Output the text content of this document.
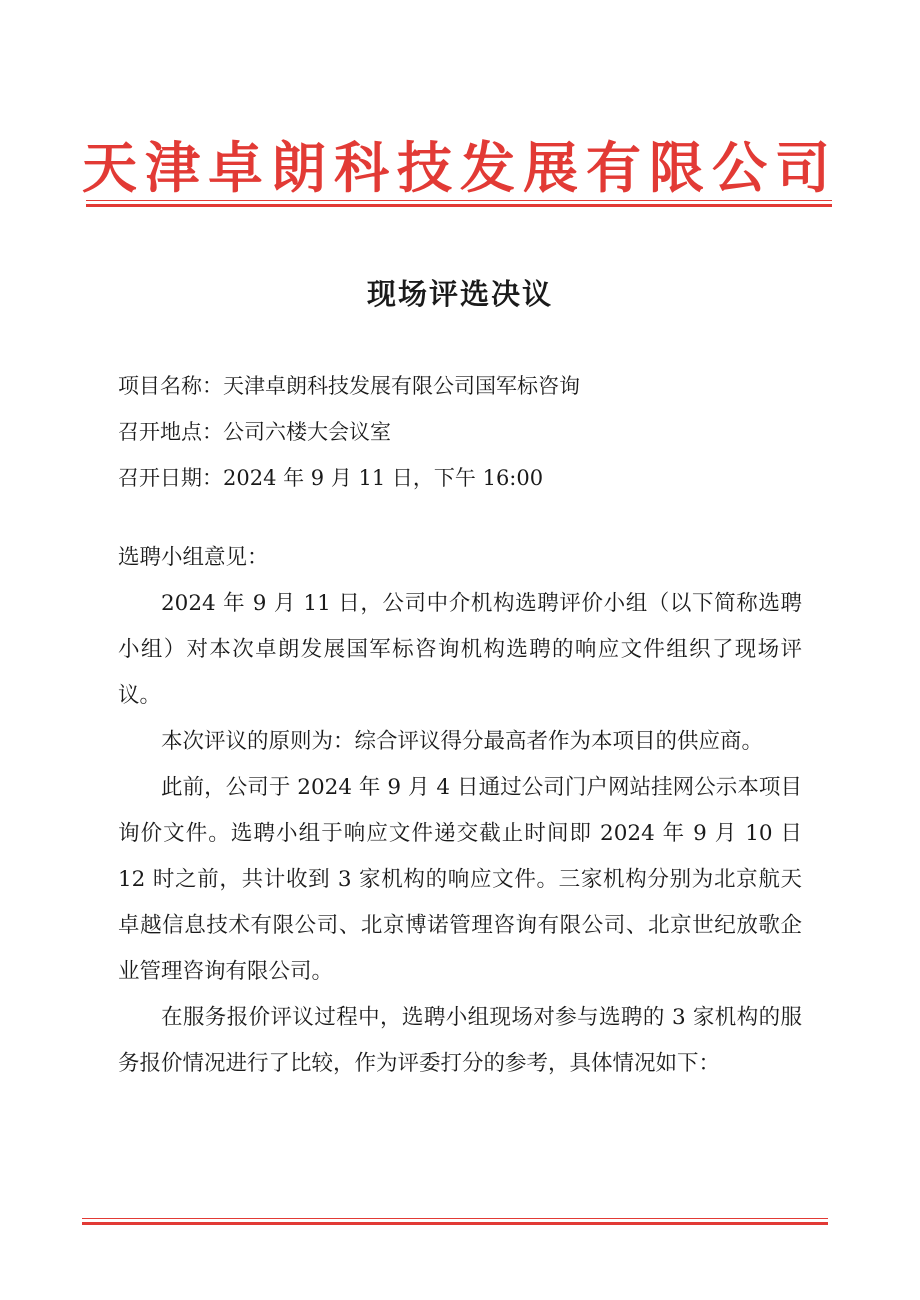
天津卓朗科技发展有限公司
现场评选决议
项目名称：天津卓朗科技发展有限公司国军标咨询
召开地点：公司六楼大会议室
召开日期：2024 年 9 月 11 日，下午 16:00

选聘小组意见：

2024 年 9 月 11 日，公司中介机构选聘评价小组（以下简称选聘小组）对本次卓朗发展国军标咨询机构选聘的响应文件组织了现场评议。

本次评议的原则为：综合评议得分最高者作为本项目的供应商。

此前，公司于 2024 年 9 月 4 日通过公司门户网站挂网公示本项目询价文件。选聘小组于响应文件递交截止时间即 2024 年 9 月 10 日 12 时之前，共计收到 3 家机构的响应文件。三家机构分别为北京航天卓越信息技术有限公司、北京博诺管理咨询有限公司、北京世纪放歌企业管理咨询有限公司。

在服务报价评议过程中，选聘小组现场对参与选聘的 3 家机构的服务报价情况进行了比较，作为评委打分的参考，具体情况如下：
